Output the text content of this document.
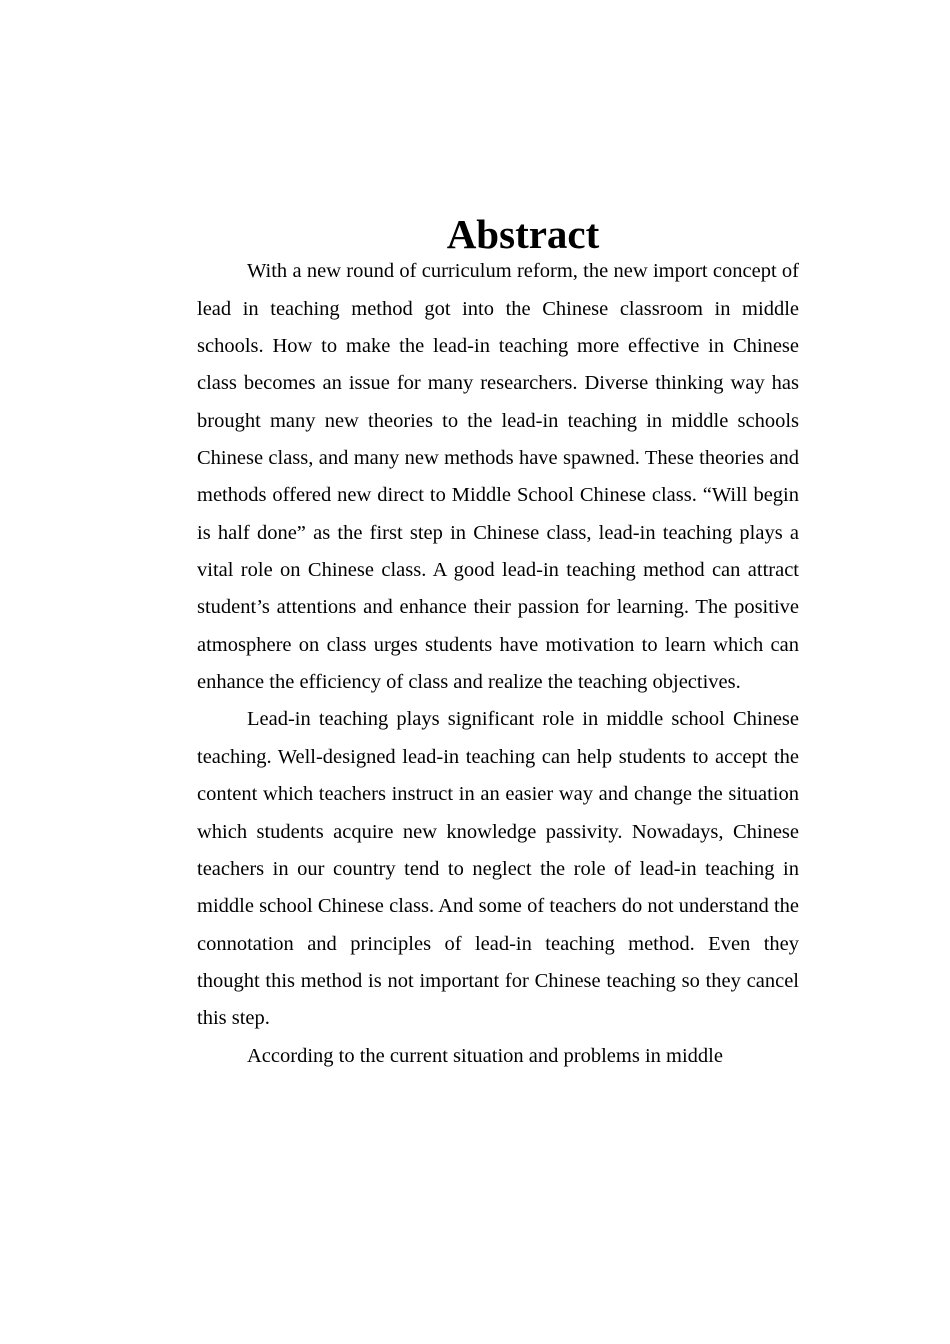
Abstract

With a new round of curriculum reform, the new import concept of lead in teaching method got into the Chinese classroom in middle schools. How to make the lead-in teaching more effective in Chinese class becomes an issue for many researchers. Diverse thinking way has brought many new theories to the lead-in teaching in middle schools Chinese class, and many new methods have spawned. These theories and methods offered new direct to Middle School Chinese class. “Will begin is half done” as the first step in Chinese class, lead-in teaching plays a vital role on Chinese class. A good lead-in teaching method can attract student’s attentions and enhance their passion for learning. The positive atmosphere on class urges students have motivation to learn which can enhance the efficiency of class and realize the teaching objectives.

Lead-in teaching plays significant role in middle school Chinese teaching. Well-designed lead-in teaching can help students to accept the content which teachers instruct in an easier way and change the situation which students acquire new knowledge passivity. Nowadays, Chinese teachers in our country tend to neglect the role of lead-in teaching in middle school Chinese class. And some of teachers do not understand the connotation and principles of lead-in teaching method. Even they thought this method is not important for Chinese teaching so they cancel this step.

According to the current situation and problems in middle
